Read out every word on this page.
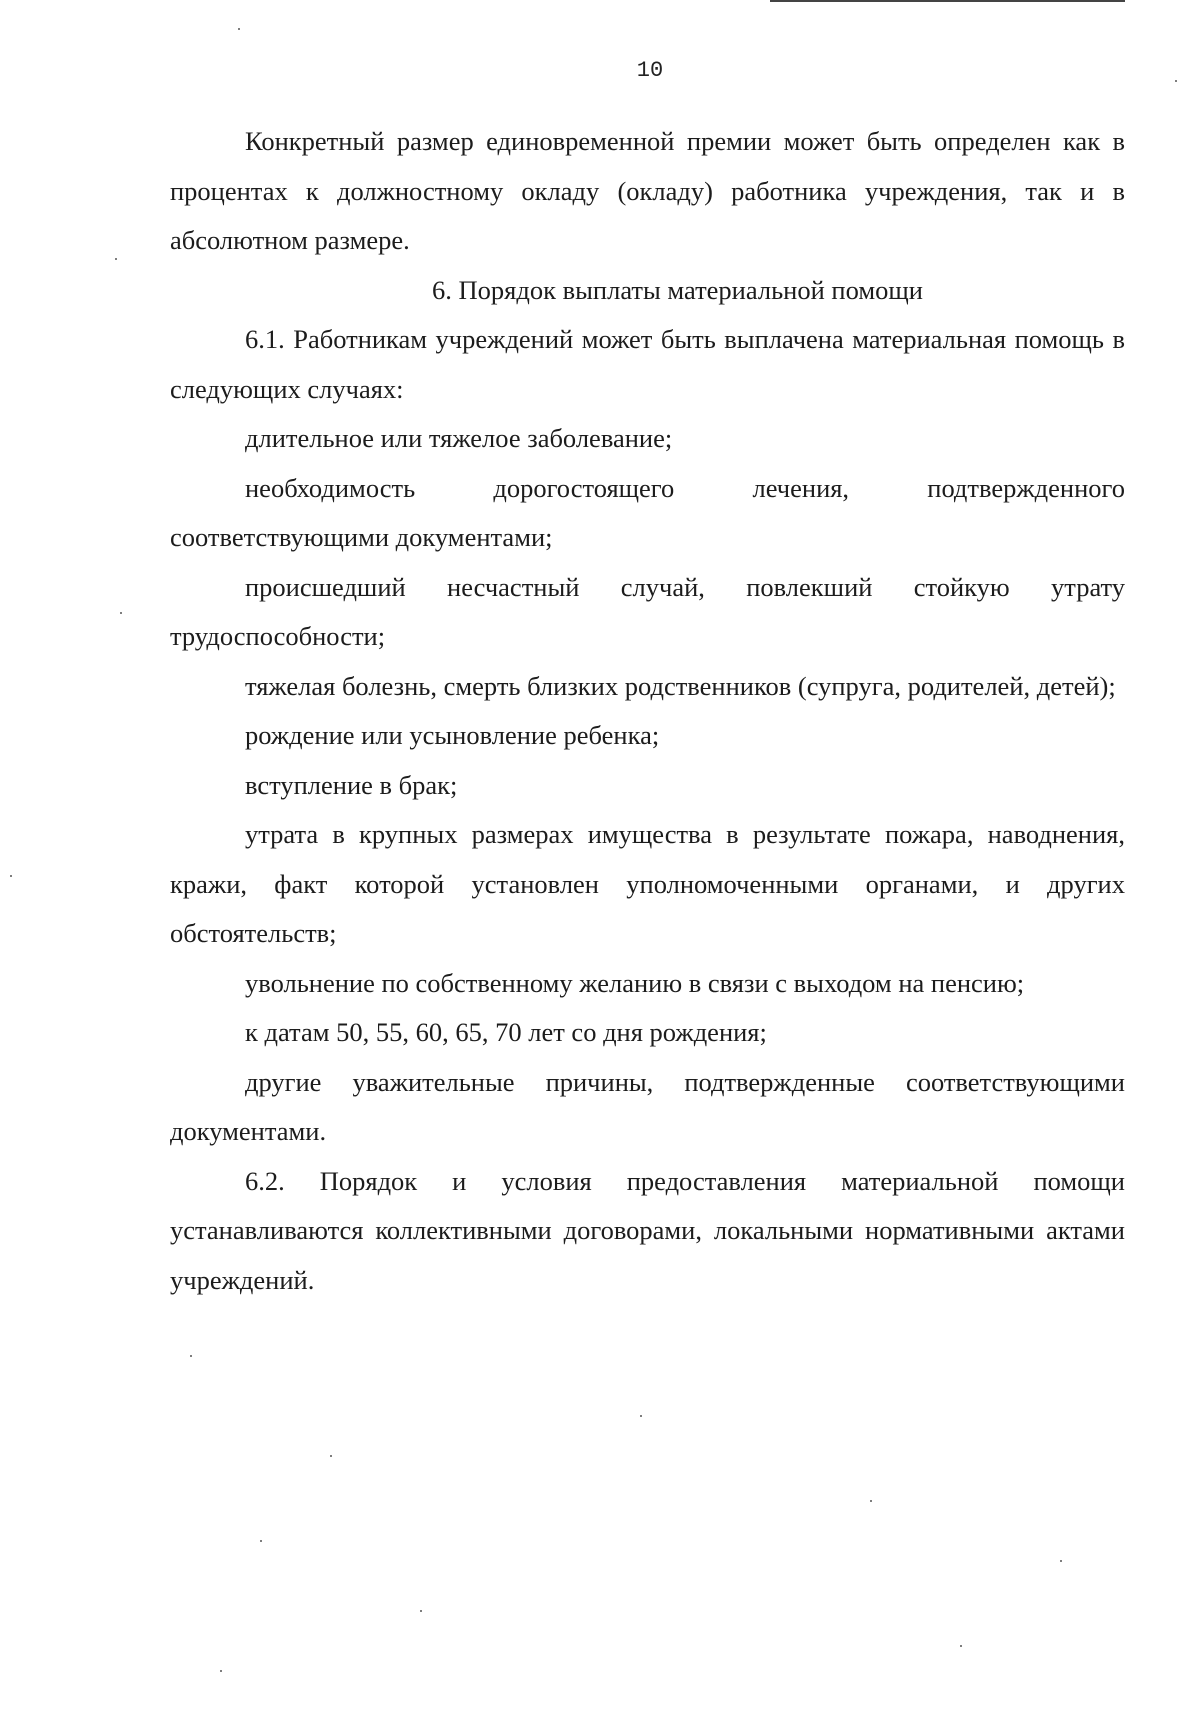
10

Конкретный размер единовременной премии может быть определен как в процентах к должностному окладу (окладу) работника учреждения, так и в абсолютном размере.

6. Порядок выплаты материальной помощи

6.1. Работникам учреждений может быть выплачена материальная помощь в следующих случаях:

длительное или тяжелое заболевание;

необходимость дорогостоящего лечения, подтвержденного соответствующими документами;

происшедший несчастный случай, повлекший стойкую утрату трудоспособности;

тяжелая болезнь, смерть близких родственников (супруга, родителей, детей);

рождение или усыновление ребенка;

вступление в брак;

утрата в крупных размерах имущества в результате пожара, наводнения, кражи, факт которой установлен уполномоченными органами, и других обстоятельств;

увольнение по собственному желанию в связи с выходом на пенсию;

к датам 50, 55, 60, 65, 70 лет со дня рождения;

другие уважительные причины, подтвержденные соответствующими документами.

6.2. Порядок и условия предоставления материальной помощи устанавливаются коллективными договорами, локальными нормативными актами учреждений.
